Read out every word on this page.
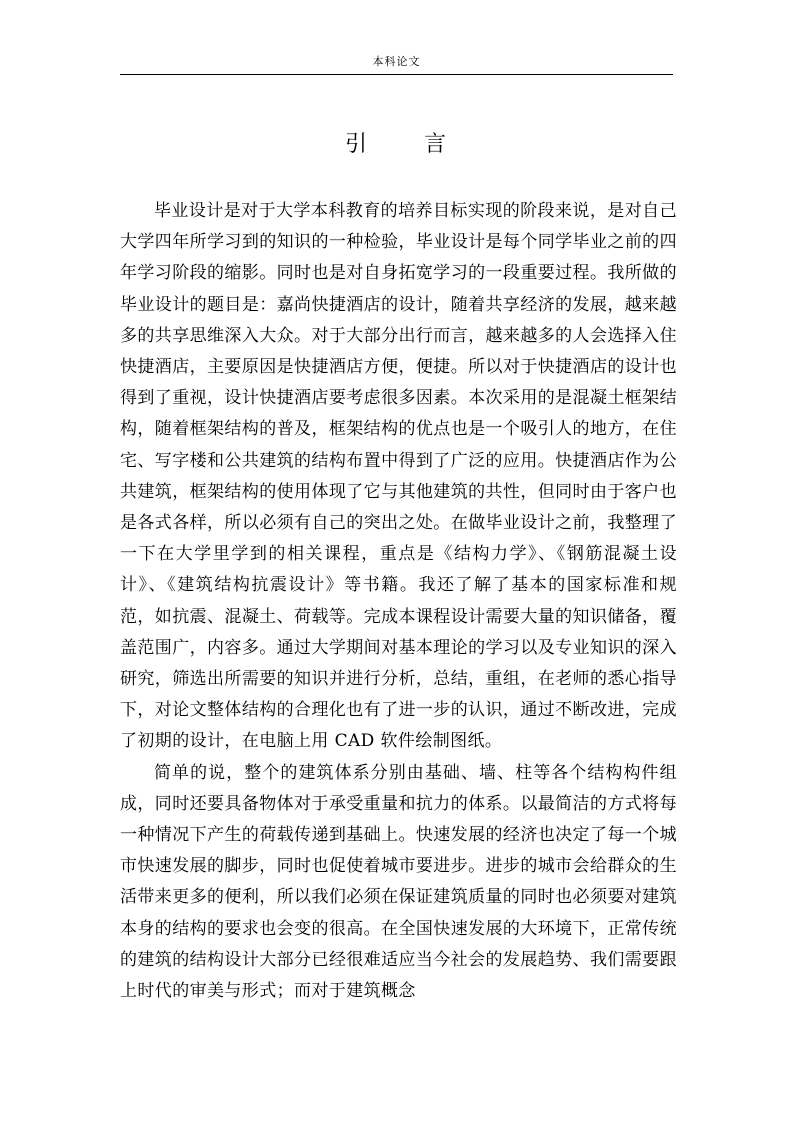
本科论文
引 言

毕业设计是对于大学本科教育的培养目标实现的阶段来说，是对自己大学四年所学习到的知识的一种检验，毕业设计是每个同学毕业之前的四年学习阶段的缩影。同时也是对自身拓宽学习的一段重要过程。我所做的毕业设计的题目是：嘉尚快捷酒店的设计，随着共享经济的发展，越来越多的共享思维深入大众。对于大部分出行而言，越来越多的人会选择入住快捷酒店，主要原因是快捷酒店方便，便捷。所以对于快捷酒店的设计也得到了重视，设计快捷酒店要考虑很多因素。本次采用的是混凝土框架结构，随着框架结构的普及，框架结构的优点也是一个吸引人的地方，在住宅、写字楼和公共建筑的结构布置中得到了广泛的应用。快捷酒店作为公共建筑，框架结构的使用体现了它与其他建筑的共性，但同时由于客户也是各式各样，所以必须有自己的突出之处。在做毕业设计之前，我整理了一下在大学里学到的相关课程，重点是《结构力学》、《钢筋混凝土设计》、《建筑结构抗震设计》等书籍。我还了解了基本的国家标准和规范，如抗震、混凝土、荷载等。完成本课程设计需要大量的知识储备，覆盖范围广，内容多。通过大学期间对基本理论的学习以及专业知识的深入研究，筛选出所需要的知识并进行分析，总结，重组，在老师的悉心指导下，对论文整体结构的合理化也有了进一步的认识，通过不断改进，完成了初期的设计，在电脑上用 CAD 软件绘制图纸。

简单的说，整个的建筑体系分别由基础、墙、柱等各个结构构件组成，同时还要具备物体对于承受重量和抗力的体系。以最简洁的方式将每一种情况下产生的荷载传递到基础上。快速发展的经济也决定了每一个城市快速发展的脚步，同时也促使着城市要进步。进步的城市会给群众的生活带来更多的便利，所以我们必须在保证建筑质量的同时也必须要对建筑本身的结构的要求也会变的很高。在全国快速发展的大环境下，正常传统的建筑的结构设计大部分已经很难适应当今社会的发展趋势、我们需要跟上时代的审美与形式；而对于建筑概念
